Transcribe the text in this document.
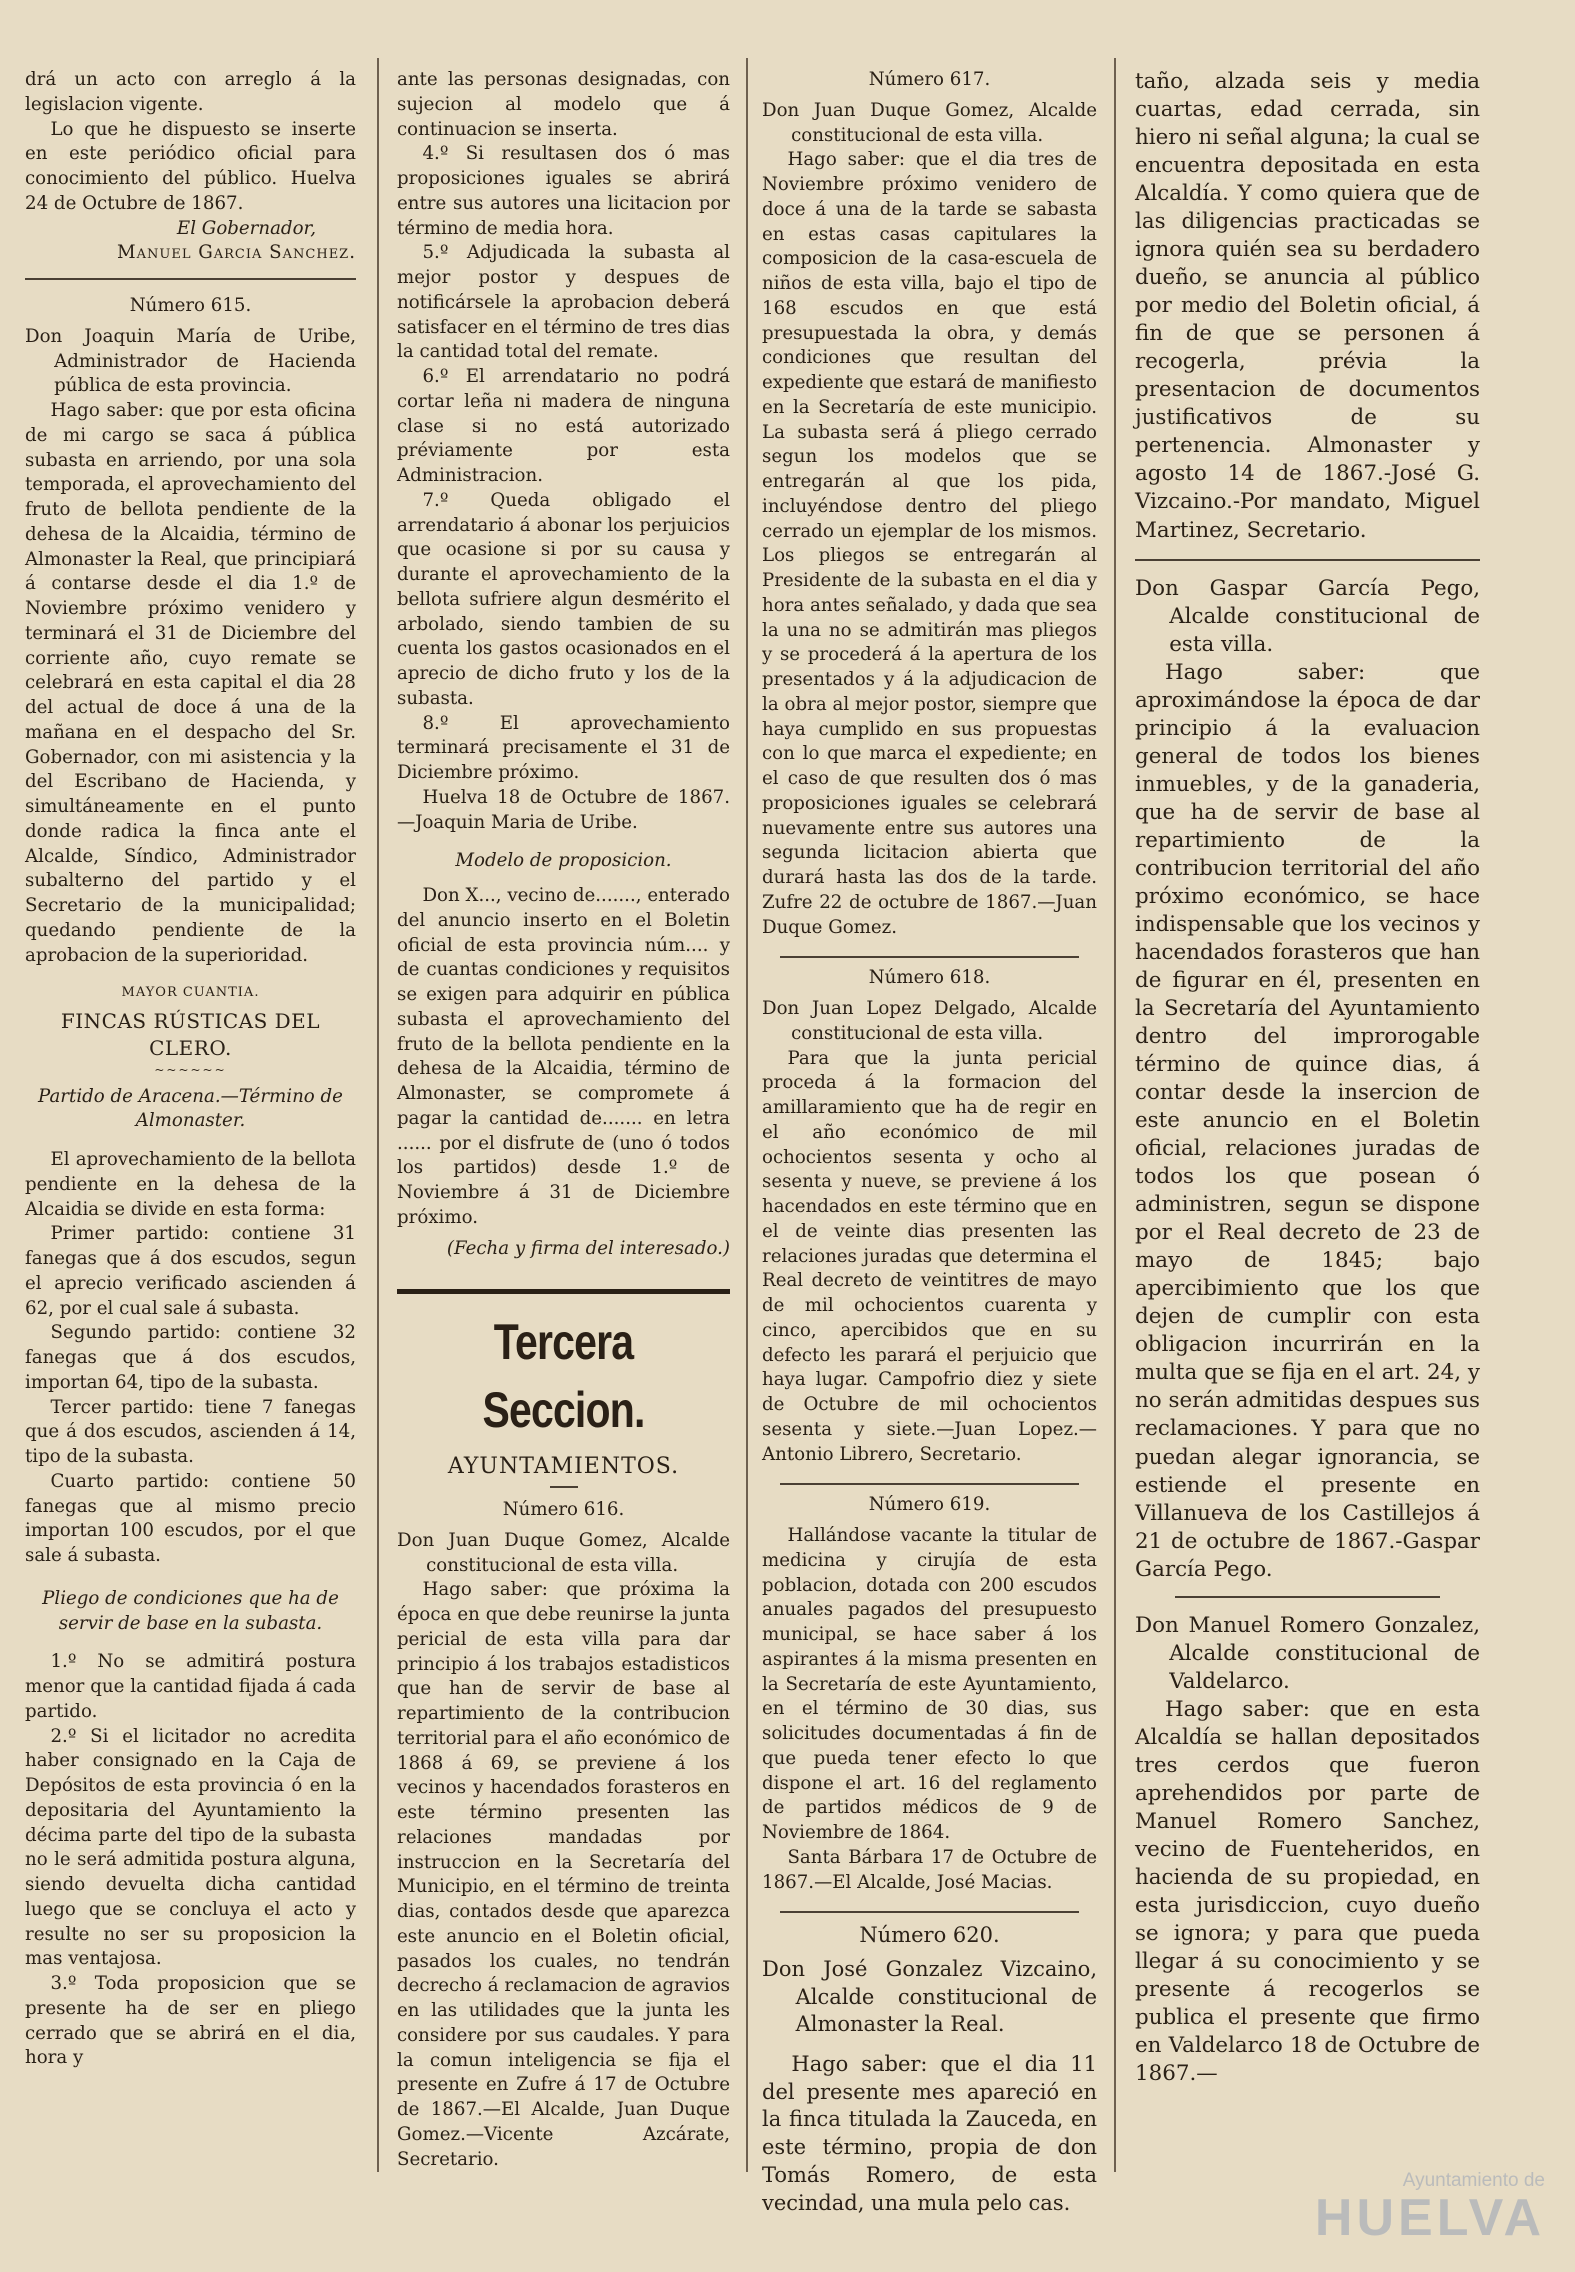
drá un acto con arreglo á la legislacion vigente.

Lo que he dispuesto se inserte en este periódico oficial para conocimiento del público. Huelva 24 de Octubre de 1867.

El Gobernador,

Manuel Garcia Sanchez.

Número 615.

Don Joaquin María de Uribe, Administrador de Hacienda pública de esta provincia.

Hago saber: que por esta oficina de mi cargo se saca á pública subasta en arriendo, por una sola temporada, el aprovechamiento del fruto de bellota pendiente de la dehesa de la Alcaidia, término de Almonaster la Real, que principiará á contarse desde el dia 1.º de Noviembre próximo venidero y terminará el 31 de Diciembre del corriente año, cuyo remate se celebrará en esta capital el dia 28 del actual de doce á una de la mañana en el despacho del Sr. Gobernador, con mi asistencia y la del Escribano de Hacienda, y simultáneamente en el punto donde radica la finca ante el Alcalde, Síndico, Administrador subalterno del partido y el Secretario de la municipalidad; quedando pendiente de la aprobacion de la superioridad.

MAYOR CUANTIA.

FINCAS RÚSTICAS DEL CLERO.

~~~~~~

Partido de Aracena.—Término de Almonaster.

El aprovechamiento de la bellota pendiente en la dehesa de la Alcaidia se divide en esta forma:

Primer partido: contiene 31 fanegas que á dos escudos, segun el aprecio verificado ascienden á 62, por el cual sale á subasta.

Segundo partido: contiene 32 fanegas que á dos escudos, importan 64, tipo de la subasta.

Tercer partido: tiene 7 fanegas que á dos escudos, ascienden á 14, tipo de la subasta.

Cuarto partido: contiene 50 fanegas que al mismo precio importan 100 escudos, por el que sale á subasta.

Pliego de condiciones que ha de servir de base en la subasta.

1.º No se admitirá postura menor que la cantidad fijada á cada partido.

2.º Si el licitador no acredita haber consignado en la Caja de Depósitos de esta provincia ó en la depositaria del Ayuntamiento la décima parte del tipo de la subasta no le será admitida postura alguna, siendo devuelta dicha cantidad luego que se concluya el acto y resulte no ser su proposicion la mas ventajosa.

3.º Toda proposicion que se presente ha de ser en pliego cerrado que se abrirá en el dia, hora y

ante las personas designadas, con sujecion al modelo que á continuacion se inserta.

4.º Si resultasen dos ó mas proposiciones iguales se abrirá entre sus autores una licitacion por término de media hora.

5.º Adjudicada la subasta al mejor postor y despues de notificársele la aprobacion deberá satisfacer en el término de tres dias la cantidad total del remate.

6.º El arrendatario no podrá cortar leña ni madera de ninguna clase si no está autorizado préviamente por esta Administracion.

7.º Queda obligado el arrendatario á abonar los perjuicios que ocasione si por su causa y durante el aprovechamiento de la bellota sufriere algun desmérito el arbolado, siendo tambien de su cuenta los gastos ocasionados en el aprecio de dicho fruto y los de la subasta.

8.º El aprovechamiento terminará precisamente el 31 de Diciembre próximo.

Huelva 18 de Octubre de 1867.—Joaquin Maria de Uribe.

Modelo de proposicion.

Don X..., vecino de......., enterado del anuncio inserto en el Boletin oficial de esta provincia núm.... y de cuantas condiciones y requisitos se exigen para adquirir en pública subasta el aprovechamiento del fruto de la bellota pendiente en la dehesa de la Alcaidia, término de Almonaster, se compromete á pagar la cantidad de....... en letra ...... por el disfrute de (uno ó todos los partidos) desde 1.º de Noviembre á 31 de Diciembre próximo.

(Fecha y firma del interesado.)

Tercera Seccion.

AYUNTAMIENTOS.

Número 616.

Don Juan Duque Gomez, Alcalde constitucional de esta villa.

Hago saber: que próxima la época en que debe reunirse la junta pericial de esta villa para dar principio á los trabajos estadisticos que han de servir de base al repartimiento de la contribucion territorial para el año económico de 1868 á 69, se previene á los vecinos y hacendados forasteros en este término presenten las relaciones mandadas por instruccion en la Secretaría del Municipio, en el término de treinta dias, contados desde que aparezca este anuncio en el Boletin oficial, pasados los cuales, no tendrán decrecho á reclamacion de agravios en las utilidades que la junta les considere por sus caudales. Y para la comun inteligencia se fija el presente en Zufre á 17 de Octubre de 1867.—El Alcalde, Juan Duque Gomez.—Vicente Azcárate, Secretario.

Número 617.

Don Juan Duque Gomez, Alcalde constitucional de esta villa.

Hago saber: que el dia tres de Noviembre próximo venidero de doce á una de la tarde se sabasta en estas casas capitulares la composicion de la casa-escuela de niños de esta villa, bajo el tipo de 168 escudos en que está presupuestada la obra, y demás condiciones que resultan del expediente que estará de manifiesto en la Secretaría de este municipio. La subasta será á pliego cerrado segun los modelos que se entregarán al que los pida, incluyéndose dentro del pliego cerrado un ejemplar de los mismos. Los pliegos se entregarán al Presidente de la subasta en el dia y hora antes señalado, y dada que sea la una no se admitirán mas pliegos y se procederá á la apertura de los presentados y á la adjudicacion de la obra al mejor postor, siempre que haya cumplido en sus propuestas con lo que marca el expediente; en el caso de que resulten dos ó mas proposiciones iguales se celebrará nuevamente entre sus autores una segunda licitacion abierta que durará hasta las dos de la tarde. Zufre 22 de octubre de 1867.—Juan Duque Gomez.

Número 618.

Don Juan Lopez Delgado, Alcalde constitucional de esta villa.

Para que la junta pericial proceda á la formacion del amillaramiento que ha de regir en el año económico de mil ochocientos sesenta y ocho al sesenta y nueve, se previene á los hacendados en este término que en el de veinte dias presenten las relaciones juradas que determina el Real decreto de veintitres de mayo de mil ochocientos cuarenta y cinco, apercibidos que en su defecto les parará el perjuicio que haya lugar. Campofrio diez y siete de Octubre de mil ochocientos sesenta y siete.—Juan Lopez.—Antonio Librero, Secretario.

Número 619.

Hallándose vacante la titular de medicina y cirujía de esta poblacion, dotada con 200 escudos anuales pagados del presupuesto municipal, se hace saber á los aspirantes á la misma presenten en la Secretaría de este Ayuntamiento, en el término de 30 dias, sus solicitudes documentadas á fin de que pueda tener efecto lo que dispone el art. 16 del reglamento de partidos médicos de 9 de Noviembre de 1864.

Santa Bárbara 17 de Octubre de 1867.—El Alcalde, José Macias.

Número 620.

Don José Gonzalez Vizcaino, Alcalde constitucional de Almonaster la Real.

Hago saber: que el dia 11 del presente mes apareció en la finca titulada la Zauceda, en este término, propia de don Tomás Romero, de esta vecindad, una mula pelo cas.

taño, alzada seis y media cuartas, edad cerrada, sin hiero ni señal alguna; la cual se encuentra depositada en esta Alcaldía. Y como quiera que de las diligencias practicadas se ignora quién sea su berdadero dueño, se anuncia al público por medio del Boletin oficial, á fin de que se personen á recogerla, prévia la presentacion de documentos justificativos de su pertenencia. Almonaster y agosto 14 de 1867.-José G. Vizcaino.-Por mandato, Miguel Martinez, Secretario.

Don Gaspar García Pego, Alcalde constitucional de esta villa.

Hago saber: que aproximándose la época de dar principio á la evaluacion general de todos los bienes inmuebles, y de la ganaderia, que ha de servir de base al repartimiento de la contribucion territorial del año próximo económico, se hace indispensable que los vecinos y hacendados forasteros que han de figurar en él, presenten en la Secretaría del Ayuntamiento dentro del improrogable término de quince dias, á contar desde la insercion de este anuncio en el Boletin oficial, relaciones juradas de todos los que posean ó administren, segun se dispone por el Real decreto de 23 de mayo de 1845; bajo apercibimiento que los que dejen de cumplir con esta obligacion incurrirán en la multa que se fija en el art. 24, y no serán admitidas despues sus reclamaciones. Y para que no puedan alegar ignorancia, se estiende el presente en Villanueva de los Castillejos á 21 de octubre de 1867.-Gaspar García Pego.

Don Manuel Romero Gonzalez, Alcalde constitucional de Valdelarco.

Hago saber: que en esta Alcaldía se hallan depositados tres cerdos que fueron aprehendidos por parte de Manuel Romero Sanchez, vecino de Fuenteheridos, en hacienda de su propiedad, en esta jurisdiccion, cuyo dueño se ignora; y para que pueda llegar á su conocimiento y se presente á recogerlos se publica el presente que firmo en Valdelarco 18 de Octubre de 1867.—

Ayuntamiento de
HUELVA
